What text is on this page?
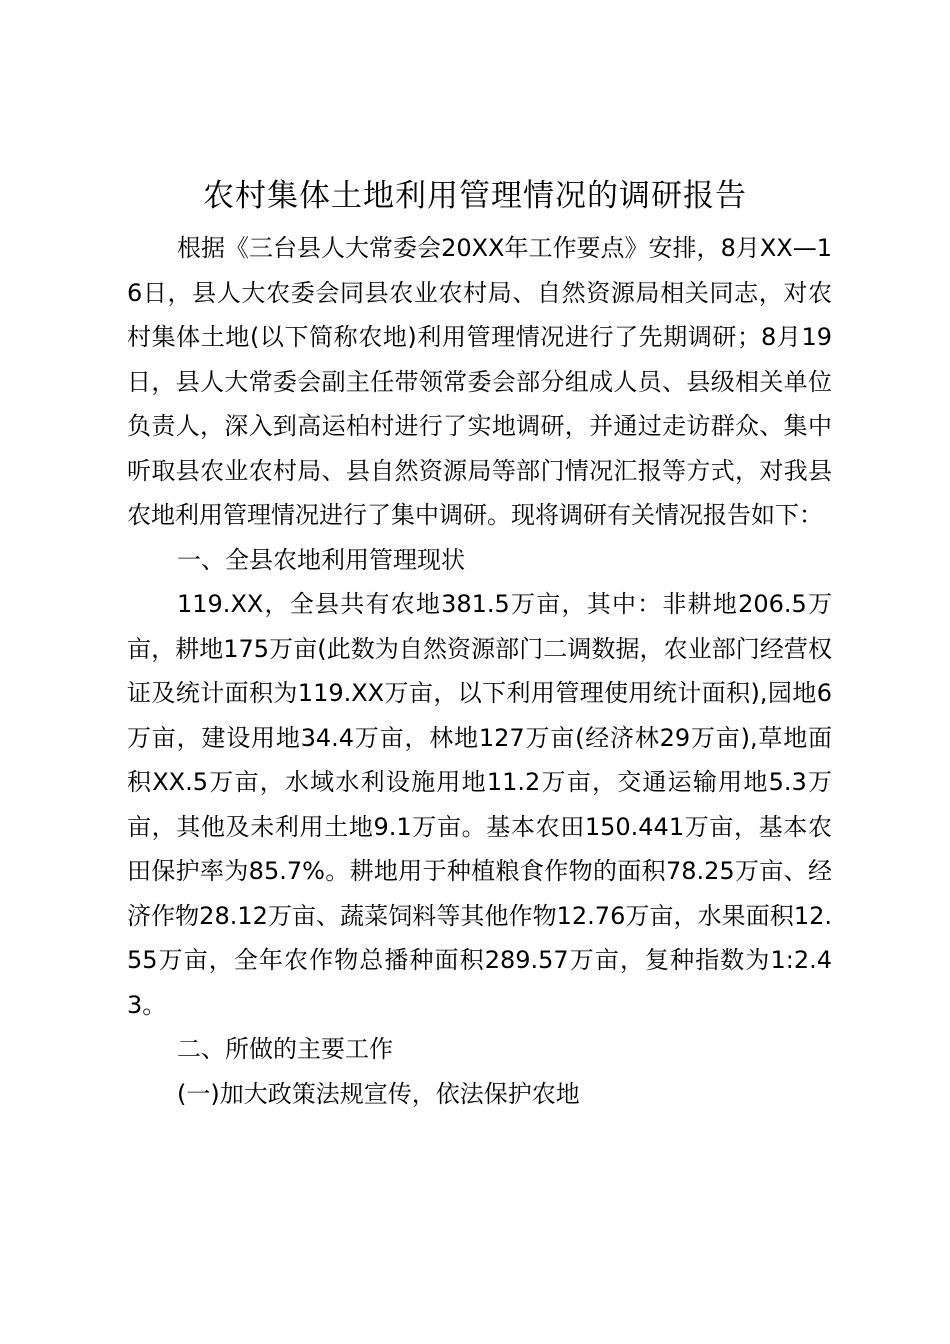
农村集体土地利用管理情况的调研报告

根据《三台县人大常委会20XX年工作要点》安排，8月XX—16日，县人大农委会同县农业农村局、自然资源局相关同志，对农村集体土地(以下简称农地)利用管理情况进行了先期调研；8月19日，县人大常委会副主任带领常委会部分组成人员、县级相关单位负责人，深入到高运柏村进行了实地调研，并通过走访群众、集中听取县农业农村局、县自然资源局等部门情况汇报等方式，对我县农地利用管理情况进行了集中调研。现将调研有关情况报告如下：

一、全县农地利用管理现状

119.XX，全县共有农地381.5万亩，其中：非耕地206.5万亩，耕地175万亩(此数为自然资源部门二调数据，农业部门经营权证及统计面积为119.XX万亩，以下利用管理使用统计面积),园地6万亩，建设用地34.4万亩，林地127万亩(经济林29万亩),草地面积XX.5万亩，水域水利设施用地11.2万亩，交通运输用地5.3万亩，其他及未利用土地9.1万亩。基本农田150.441万亩，基本农田保护率为85.7%。耕地用于种植粮食作物的面积78.25万亩、经济作物28.12万亩、蔬菜饲料等其他作物12.76万亩，水果面积12.55万亩，全年农作物总播种面积289.57万亩，复种指数为1:2.43。

二、所做的主要工作

(一)加大政策法规宣传，依法保护农地
